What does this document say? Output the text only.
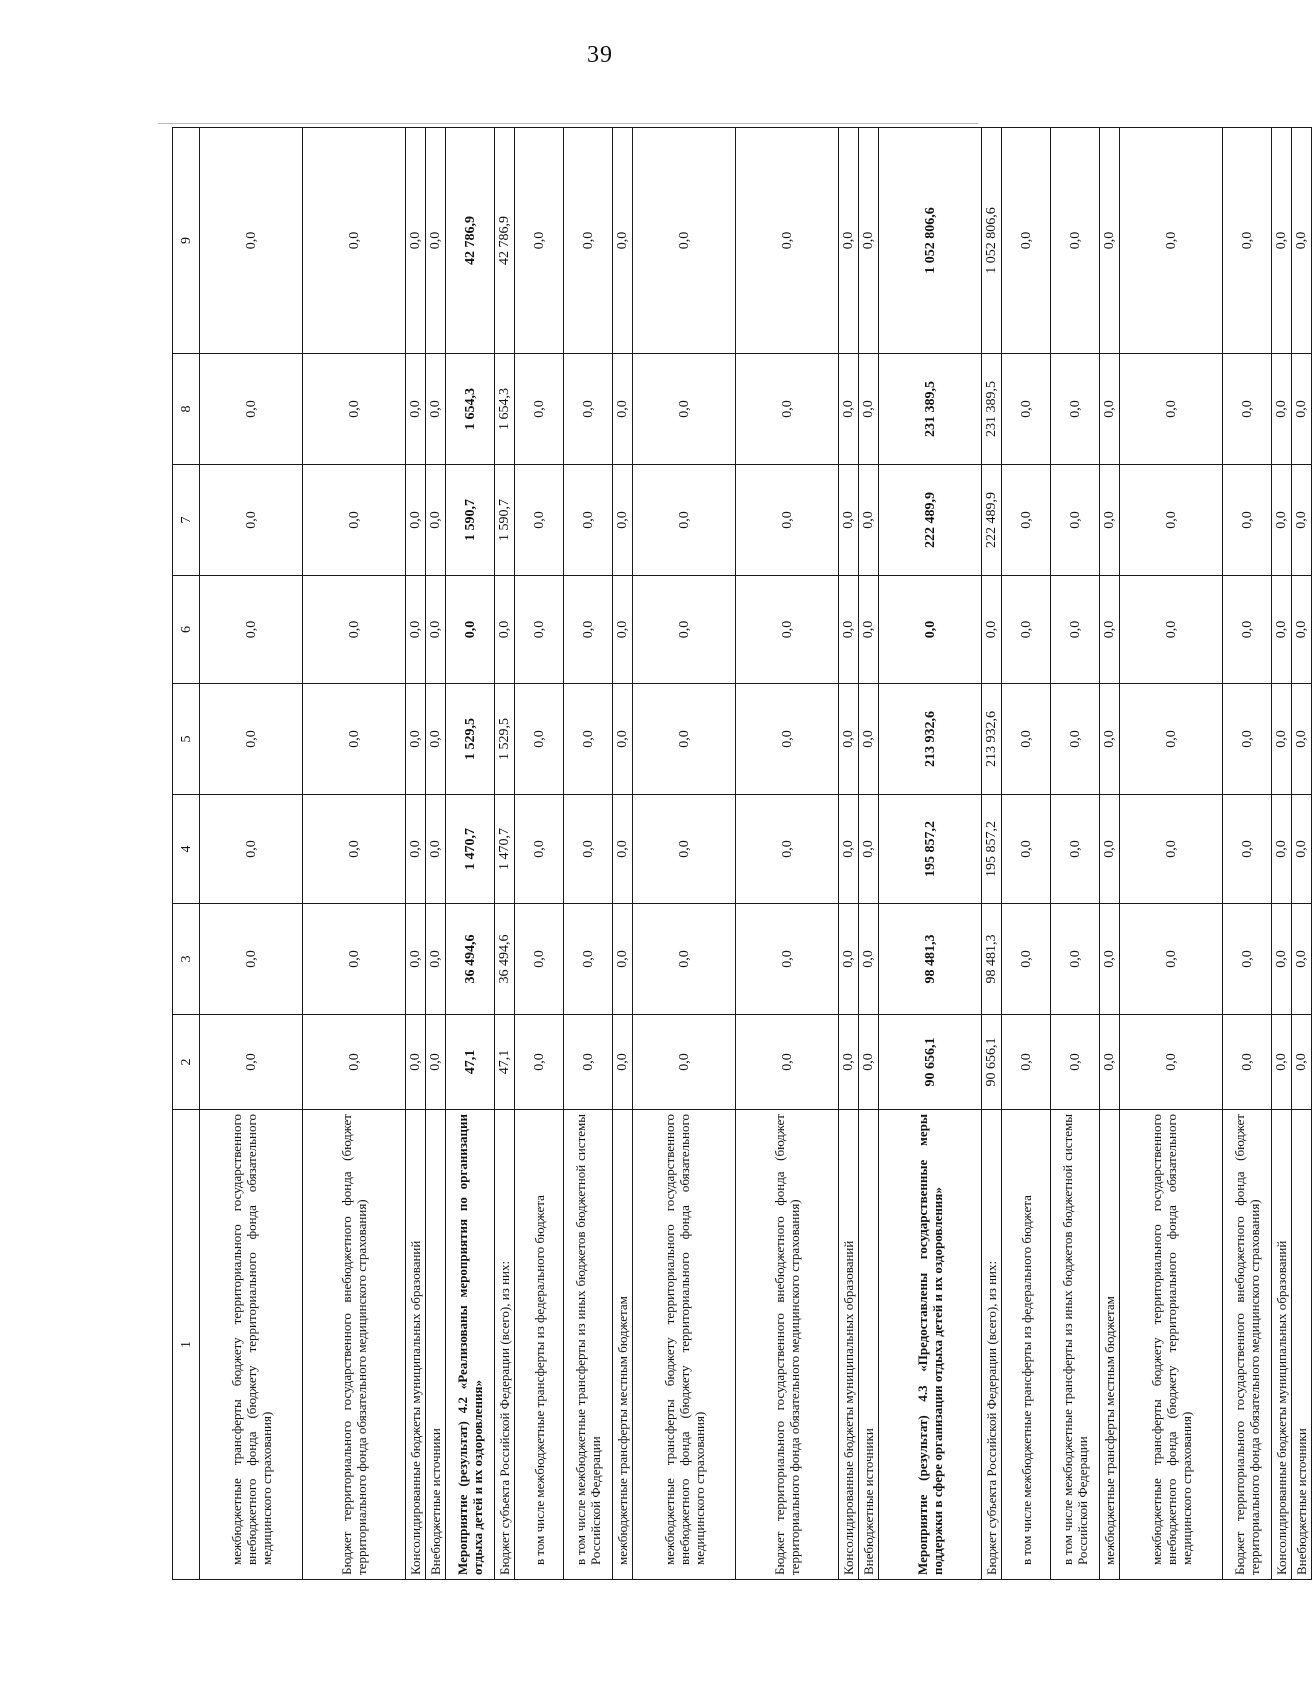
39
1	2	3	4	5	6	7	8	9
межбюджетные трансферты бюджету территориального государственного внебюджетного фонда (бюджету территориального фонда обязательного медицинского страхования)	0,0	0,0	0,0	0,0	0,0	0,0	0,0	0,0
Бюджет территориального государственного внебюджетного фонда (бюджет территориального фонда обязательного медицинского страхования)	0,0	0,0	0,0	0,0	0,0	0,0	0,0	0,0
Консолидированные бюджеты муниципальных образований	0,0	0,0	0,0	0,0	0,0	0,0	0,0	0,0
Внебюджетные источники	0,0	0,0	0,0	0,0	0,0	0,0	0,0	0,0
Мероприятие (результат) 4.2 «Реализованы мероприятия по организации отдыха детей и их оздоровления»	47,1	36 494,6	1 470,7	1 529,5	0,0	1 590,7	1 654,3	42 786,9
Бюджет субъекта Российской Федерации (всего), из них:	47,1	36 494,6	1 470,7	1 529,5	0,0	1 590,7	1 654,3	42 786,9
в том числе межбюджетные трансферты из федерального бюджета	0,0	0,0	0,0	0,0	0,0	0,0	0,0	0,0
в том числе межбюджетные трансферты из иных бюджетов бюджетной системы Российской Федерации	0,0	0,0	0,0	0,0	0,0	0,0	0,0	0,0
межбюджетные трансферты местным бюджетам	0,0	0,0	0,0	0,0	0,0	0,0	0,0	0,0
межбюджетные трансферты бюджету территориального государственного внебюджетного фонда (бюджету территориального фонда обязательного медицинского страхования)	0,0	0,0	0,0	0,0	0,0	0,0	0,0	0,0
Бюджет территориального государственного внебюджетного фонда (бюджет территориального фонда обязательного медицинского страхования)	0,0	0,0	0,0	0,0	0,0	0,0	0,0	0,0
Консолидированные бюджеты муниципальных образований	0,0	0,0	0,0	0,0	0,0	0,0	0,0	0,0
Внебюджетные источники	0,0	0,0	0,0	0,0	0,0	0,0	0,0	0,0
Мероприятие (результат) 4.3 «Предоставлены государственные меры поддержки в сфере организации отдыха детей и их оздоровления»	90 656,1	98 481,3	195 857,2	213 932,6	0,0	222 489,9	231 389,5	1 052 806,6
Бюджет субъекта Российской Федерации (всего), из них:	90 656,1	98 481,3	195 857,2	213 932,6	0,0	222 489,9	231 389,5	1 052 806,6
в том числе межбюджетные трансферты из федерального бюджета	0,0	0,0	0,0	0,0	0,0	0,0	0,0	0,0
в том числе межбюджетные трансферты из иных бюджетов бюджетной системы Российской Федерации	0,0	0,0	0,0	0,0	0,0	0,0	0,0	0,0
межбюджетные трансферты местным бюджетам	0,0	0,0	0,0	0,0	0,0	0,0	0,0	0,0
межбюджетные трансферты бюджету территориального государственного внебюджетного фонда (бюджету территориального фонда обязательного медицинского страхования)	0,0	0,0	0,0	0,0	0,0	0,0	0,0	0,0
Бюджет территориального государственного внебюджетного фонда (бюджет территориального фонда обязательного медицинского страхования)	0,0	0,0	0,0	0,0	0,0	0,0	0,0	0,0
Консолидированные бюджеты муниципальных образований	0,0	0,0	0,0	0,0	0,0	0,0	0,0	0,0
Внебюджетные источники	0,0	0,0	0,0	0,0	0,0	0,0	0,0	0,0
